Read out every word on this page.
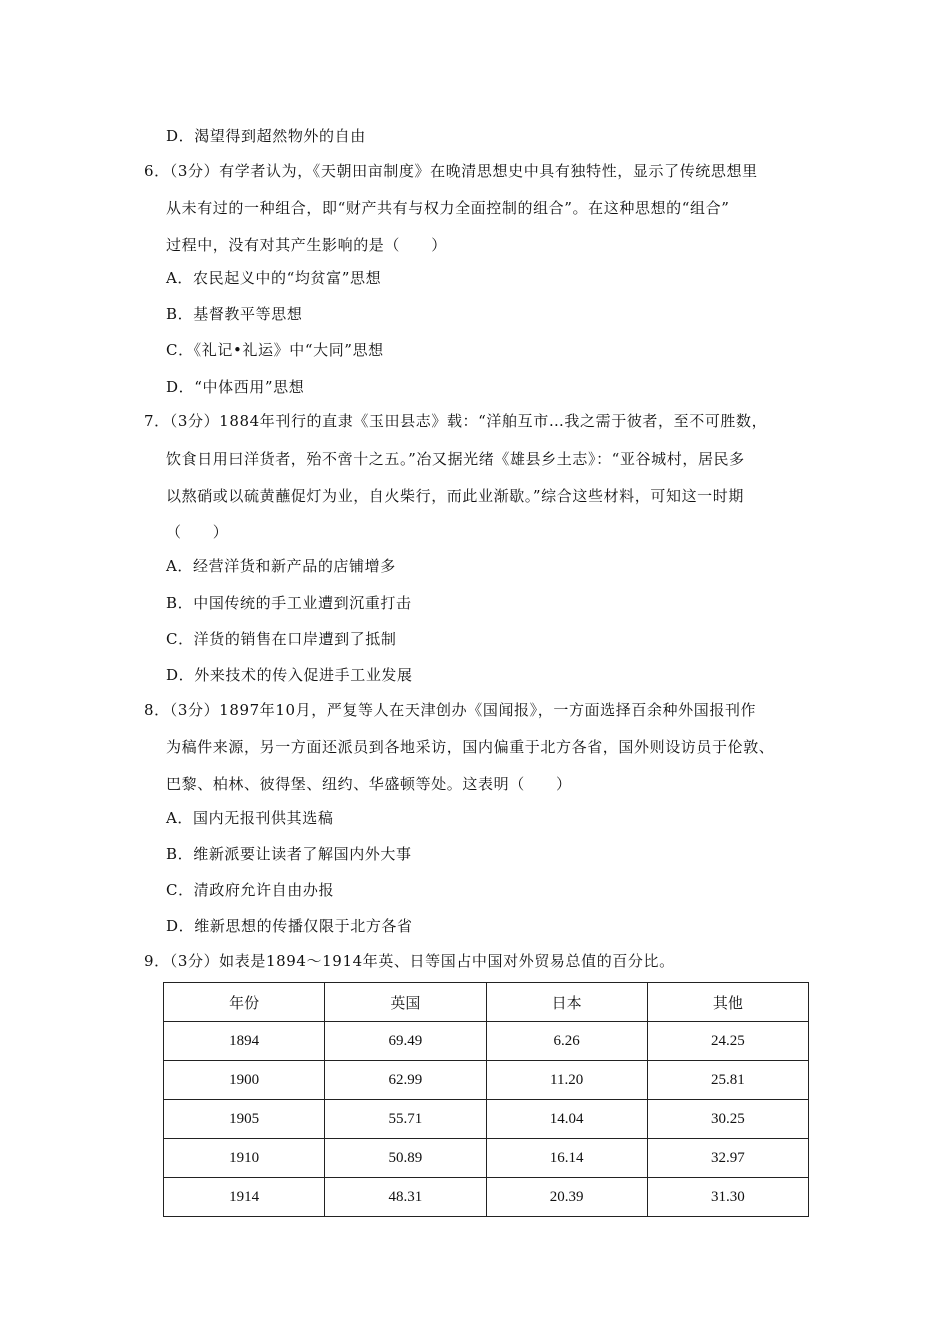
D．渴望得到超然物外的自由
6．（3分）有学者认为，《天朝田亩制度》在晚清思想史中具有独特性，显示了传统思想里
从未有过的一种组合，即“财产共有与权力全面控制的组合”。在这种思想的“组合”
过程中，没有对其产生影响的是（　　）
A．农民起义中的“均贫富”思想
B．基督教平等思想
C．《礼记•礼运》中“大同”思想
D．“中体西用”思想
7．（3分）1884年刊行的直隶《玉田县志》载：“洋舶互市…我之需于彼者，至不可胜数，
饮食日用曰洋货者，殆不啻十之五。”冶又据光绪《雄县乡土志》：“亚谷城村，居民多
以熬硝或以硫黄蘸促灯为业，自火柴行，而此业渐歇。”综合这些材料，可知这一时期
（　　）
A．经营洋货和新产品的店铺增多
B．中国传统的手工业遭到沉重打击
C．洋货的销售在口岸遭到了抵制
D．外来技术的传入促进手工业发展
8．（3分）1897年10月，严复等人在天津创办《国闻报》，一方面选择百余种外国报刊作
为稿件来源，另一方面还派员到各地采访，国内偏重于北方各省，国外则设访员于伦敦、
巴黎、柏林、彼得堡、纽约、华盛顿等处。这表明（　　）
A．国内无报刊供其选稿
B．维新派要让读者了解国内外大事
C．清政府允许自由办报
D．维新思想的传播仅限于北方各省
9．（3分）如表是1894～1914年英、日等国占中国对外贸易总值的百分比。
年份	英国	日本	其他
1894	69.49	6.26	24.25
1900	62.99	11.20	25.81
1905	55.71	14.04	30.25
1910	50.89	16.14	32.97
1914	48.31	20.39	31.30
